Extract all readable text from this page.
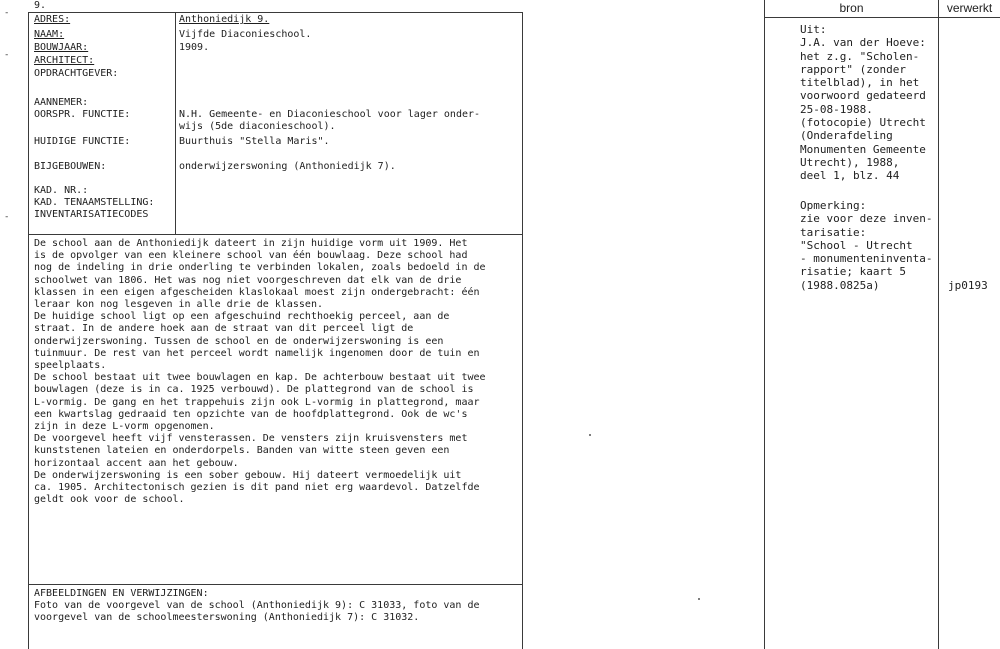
-
-
-
9.
ADRES:	Anthoniedijk 9.
NAAM:	Vijfde Diaconieschool.
BOUWJAAR:	1909.
ARCHITECT:
OPDRACHTGEVER:
AANNEMER:
OORSPR. FUNCTIE:	N.H. Gemeente- en Diaconieschool voor lager onder-
wijs (5de diaconieschool).
HUIDIGE FUNCTIE:	Buurthuis "Stella Maris".
BIJGEBOUWEN:	onderwijzerswoning (Anthoniedijk 7).
KAD. NR.:
KAD. TENAAMSTELLING:
INVENTARISATIECODES
De school aan de Anthoniedijk dateert in zijn huidige vorm uit 1909. Het
is de opvolger van een kleinere school van één bouwlaag. Deze school had
nog de indeling in drie onderling te verbinden lokalen, zoals bedoeld in de
schoolwet van 1806. Het was nog niet voorgeschreven dat elk van de drie
klassen in een eigen afgescheiden klaslokaal moest zijn ondergebracht: één
leraar kon nog lesgeven in alle drie de klassen.
De huidige school ligt op een afgeschuind rechthoekig perceel, aan de
straat. In de andere hoek aan de straat van dit perceel ligt de
onderwijzerswoning. Tussen de school en de onderwijzerswoning is een
tuinmuur. De rest van het perceel wordt namelijk ingenomen door de tuin en
speelplaats.
De school bestaat uit twee bouwlagen en kap. De achterbouw bestaat uit twee
bouwlagen (deze is in ca. 1925 verbouwd). De plattegrond van de school is
L-vormig. De gang en het trappehuis zijn ook L-vormig in plattegrond, maar
een kwartslag gedraaid ten opzichte van de hoofdplattegrond. Ook de wc's
zijn in deze L-vorm opgenomen.
De voorgevel heeft vijf vensterassen. De vensters zijn kruisvensters met
kunststenen lateien en onderdorpels. Banden van witte steen geven een
horizontaal accent aan het gebouw.
De onderwijzerswoning is een sober gebouw. Hij dateert vermoedelijk uit
ca. 1905. Architectonisch gezien is dit pand niet erg waardevol. Datzelfde
geldt ook voor de school.
AFBEELDINGEN EN VERWIJZINGEN:
Foto van de voorgevel van de school (Anthoniedijk 9): C 31033, foto van de
voorgevel van de schoolmeesterswoning (Anthoniedijk 7): C 31032.
bron	verwerkt
Uit:
J.A. van der Hoeve:
het z.g. "Scholen-
rapport" (zonder
titelblad), in het
voorwoord gedateerd
25-08-1988.
(fotocopie) Utrecht
(Onderafdeling
Monumenten Gemeente
Utrecht), 1988,
deel 1, blz. 44
Opmerking:
zie voor deze inven-
tarisatie:
"School - Utrecht
- monumenteninventa-
risatie; kaart 5
(1988.0825a)	jp0193
